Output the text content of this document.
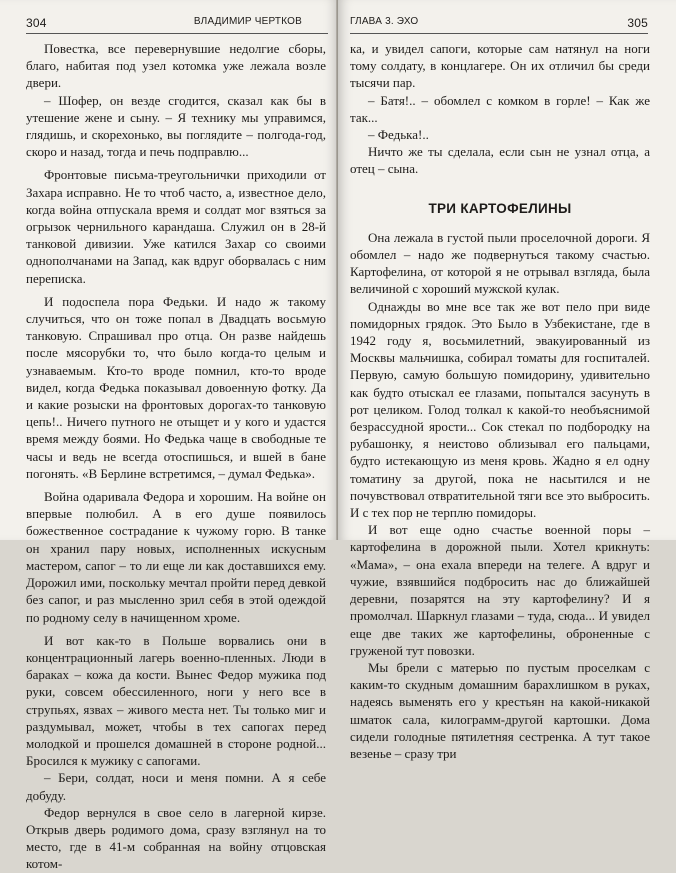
304	ВЛАДИМИР ЧЕРТКОВ

Повестка, все перевернувшие недолгие сборы, благо, набитая под узел котомка уже лежала возле двери.

– Шофер, он везде сгодится, сказал как бы в утешение жене и сыну. – Я технику мы управимся, глядишь, и скорехонько, вы поглядите – полгода-год, скоро и назад, тогда и печь подправлю...

Фронтовые письма-треугольнички приходили от Захара исправно. Не то чтоб часто, а, известное дело, когда война отпускала время и солдат мог взяться за огрызок чернильного карандаша. Служил он в 28-й танковой дивизии. Уже катился Захар со своими однополчанами на Запад, как вдруг оборвалась с ним переписка.

И подоспела пора Федьки. И надо ж такому случиться, что он тоже попал в Двадцать восьмую танковую. Спрашивал про отца. Он разве найдешь после мясорубки то, что было когда-то целым и узнаваемым. Кто-то вроде помнил, кто-то вроде видел, когда Федька показывал довоенную фотку. Да и какие розыски на фронтовых дорогах-то танковую цепь!.. Ничего путного не отыщет и у кого и удастся время между боями. Но Федька чаще в свободные те часы и ведь не всегда отоспишься, и вшей в бане погонять. «В Берлине встретимся, – думал Федька».

Война одаривала Федора и хорошим. На войне он впервые полюбил. А в его душе появилось божественное сострадание к чужому горю. В танке он хранил пару новых, исполненных искусным мастером, сапог – то ли еще ли как доставшихся ему. Дорожил ими, поскольку мечтал пройти перед девкой без сапог, и раз мысленно зрил себя в этой одеждой по родному селу в начищенном хроме.

И вот как-то в Польше ворвались они в концентрационный лагерь военно-пленных. Люди в бараках – кожа да кости. Вынес Федор мужика под руки, совсем обессиленного, ноги у него все в струпьях, язвах – живого места нет. Ты только миг и раздумывал, может, чтобы в тех сапогах перед молодкой и прошелся домашней в стороне родной... Бросился к мужику с сапогами.

– Бери, солдат, носи и меня помни. А я себе добуду.

Федор вернулся в свое село в лагерной кирзе. Открыв дверь родимого дома, сразу взглянул на то место, где в 41-м собранная на войну отцовская котом-

ГЛАВА 3. ЭХО	305

ка, и увидел сапоги, которые сам натянул на ноги тому солдату, в концлагере. Он их отличил бы среди тысячи пар.

– Батя!.. – обомлел с комком в горле! – Как же так...

– Федька!..

Ничто же ты сделала, если сын не узнал отца, а отец – сына.

ТРИ КАРТОФЕЛИНЫ

Она лежала в густой пыли проселочной дороги. Я обомлел – надо же подвернуться такому счастью. Картофелина, от которой я не отрывал взгляда, была величиной с хороший мужской кулак.

Однажды во мне все так же вот пело при виде помидорных грядок. Это Было в Узбекистане, где в 1942 году я, восьмилетний, эвакуированный из Москвы мальчишка, собирал томаты для госпиталей. Первую, самую большую помидорину, удивительно как будто отыскал ее глазами, попытался засунуть в рот целиком. Голод толкал к какой-то необъяснимой безрассудной ярости... Сок стекал по подбородку на рубашонку, я неистово облизывал его пальцами, будто истекающую из меня кровь. Жадно я ел одну томатину за другой, пока не насытился и не почувствовал отвратительной тяги все это выбросить. И с тех пор не терплю помидоры.

И вот еще одно счастье военной поры – картофелина в дорожной пыли. Хотел крикнуть: «Мама», – она ехала впереди на телеге. А вдруг и чужие, взявшийся подбросить нас до ближайшей деревни, позарятся на эту картофелину? И я промолчал. Шаркнул глазами – туда, сюда... И увидел еще две таких же картофелины, оброненные с груженой тут повозки.

Мы брели с матерью по пустым проселкам с каким-то скудным домашним барахлишком в руках, надеясь выменять его у крестьян на какой-никакой шматок сала, килограмм-другой картошки. Дома сидели голодные пятилетняя сестренка. А тут такое везенье – сразу три
